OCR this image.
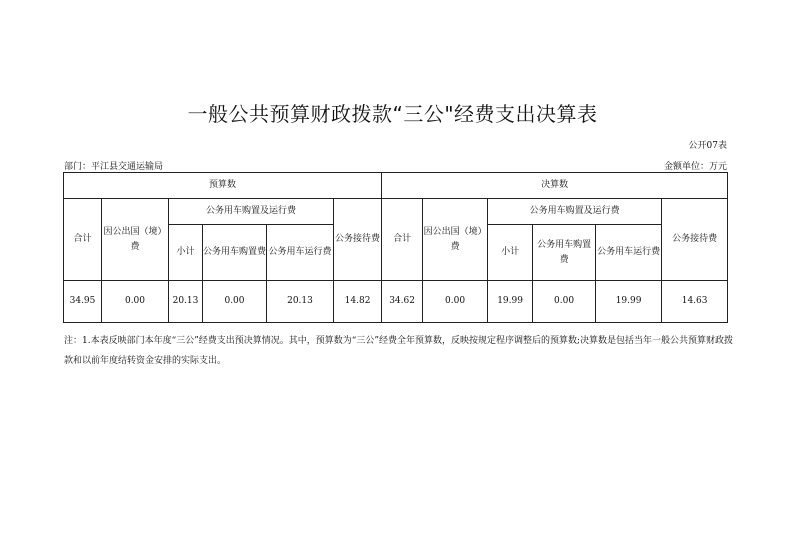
一般公共预算财政拨款“三公"经费支出决算表
公开07表
部门：平江县交通运输局	金额单位：万元
预算数						决算数					
合计	因公出国（境）费	公务用车购置及运行费			公务接待费	合计	因公出国（境）费	公务用车购置及运行费			公务接待费
		小计	公务用车购置费	公务用车运行费				小计	公务用车购置费	公务用车运行费	
34.95	0.00	20.13	0.00	20.13	14.82	34.62	0.00	19.99	0.00	19.99	14.63
注：1.本表反映部门本年度“三公”经费支出预决算情况。其中，预算数为“三公”经费全年预算数，反映按规定程序调整后的预算数;决算数是包括当年一般公共预算财政拨款和以前年度结转资金安排的实际支出。
